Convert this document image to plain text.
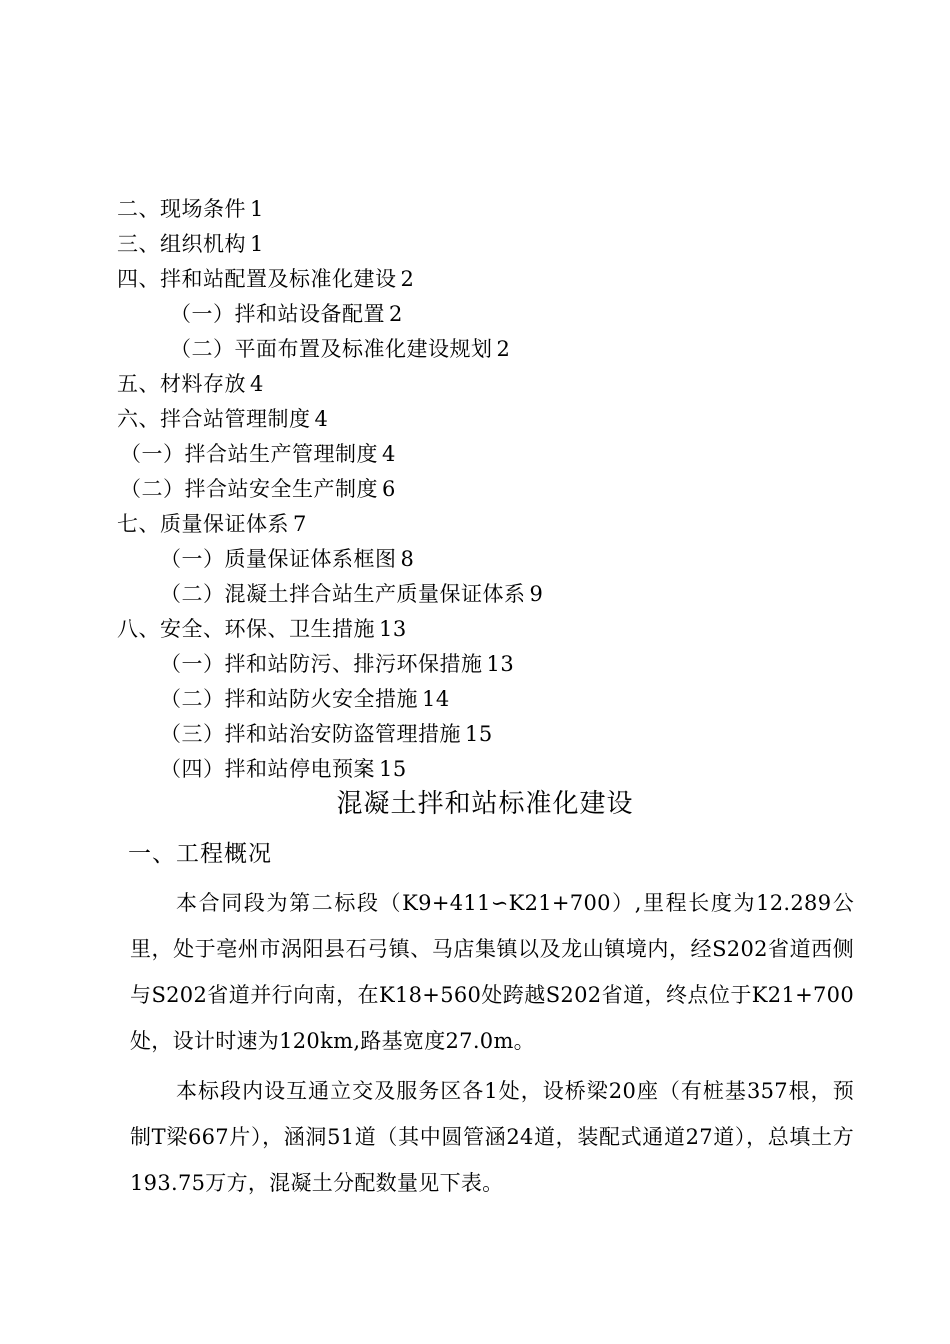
二、现场条件 1
三、组织机构 1
四、拌和站配置及标准化建设 2
（一）拌和站设备配置 2
（二）平面布置及标准化建设规划 2
五、材料存放 4
六、拌合站管理制度 4
（一）拌合站生产管理制度 4
（二）拌合站安全生产制度 6
七、质量保证体系 7
（一）质量保证体系框图 8
（二）混凝土拌合站生产质量保证体系 9
八、安全、环保、卫生措施 13
（一）拌和站防污、排污环保措施 13
（二）拌和站防火安全措施 14
（三）拌和站治安防盗管理措施 15
（四）拌和站停电预案 15
混凝土拌和站标准化建设
一、工程概况

本合同段为第二标段（K9+411∽K21+700）,里程长度为12.289公里，处于亳州市涡阳县石弓镇、马店集镇以及龙山镇境内，经S202省道西侧与S202省道并行向南，在K18+560处跨越S202省道，终点位于K21+700处，设计时速为120km,路基宽度27.0m。

本标段内设互通立交及服务区各1处，设桥梁20座（有桩基357根，预制T梁667片），涵洞51道（其中圆管涵24道，装配式通道27道），总填土方193.75万方，混凝土分配数量见下表。
